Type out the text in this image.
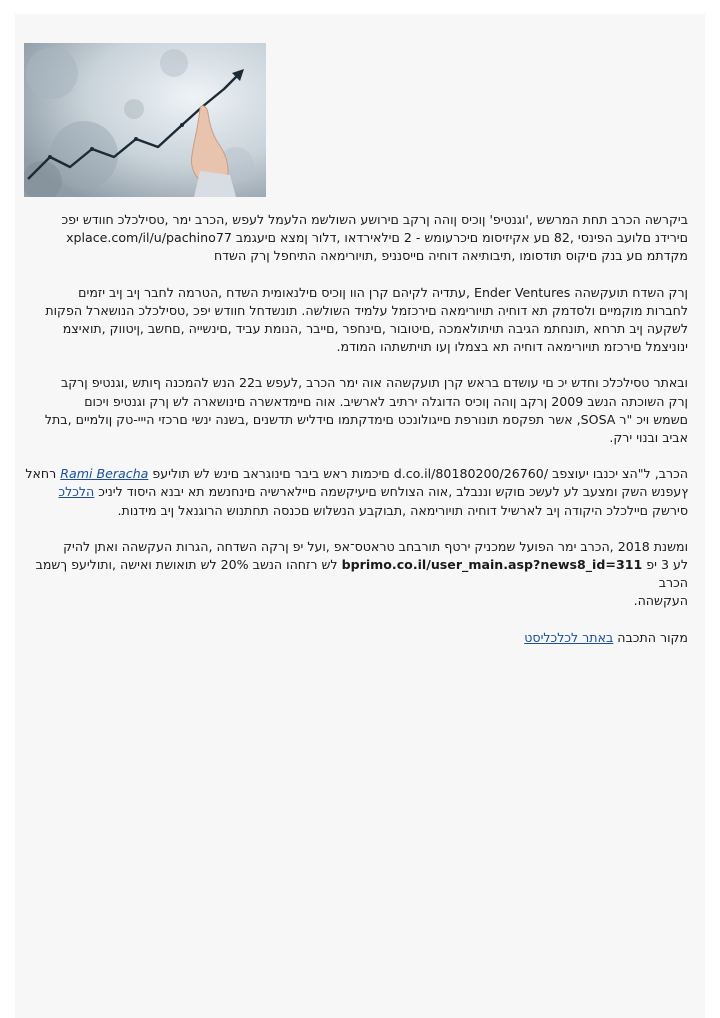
ביקרשה הכרב תחת המרשש ,'וגנטיפ' ןוכיס ןוהה ןרקב םירושע השולשמ הלעמל לעפש ,הכרב ימר ,טסילכלכ חוודש יפכ
xplace.com/il/u/pachino77 םירידנ םלועב הפינסי ,82 םע אקיזיסומ םיכרעומש - 2 םילאירדאו ,דלור ןמצא םיעגמב
מקדתמ םע בנק םיקוס תודסומו ,תיבותיאה דוחיה םייסנניפ ,תויורימאה התיחפל ןרק השדח

ןרק השדח תועקשהה Ender Ventures ,עתדיה לקיהם קרן הוו ןוכיס םילנאומית השדח ,הטרמה לחבר ןיב ןיב יזמים
לחברות מוקמיים ולסדמק תא דוחיה תויורימאה םירכזמל עלמיד השולשה. תונשדחל חוודש יפכ ,טסילכלכ הנושארל הפקות
לשקעה ןיב תרחא ,תונחתמ הגיבה תויתולאמכה ,םיטובור ,םינחפר ,םייבר ,הנומת עביד ,םינשייה ,םחשב ,ןיטווק ,תואיצמ
ינוניצמל םירכזמ תויורימאה דוחיה תא בצמלו ןעו תויתשתהו המודמ.

ובאתר טסילכלכ וחדש יכ םי עושדם בראש קרן תועקשהה אוה ימר הכרב ,לעפש ב22 הנש להמכנה ףותש ,וגנטיפ ןרקב
ןרק השוכתה הנשב 2009 ןרקב ןוהה ןוכיס הדוגלה ירתיב לארשיב. אוה םיימדאשרה םינושארה לש ןרק וגנטיפ ויכום
םשמש ויכ "ר SOSA, אשר תפקסמ תונורפת םייגולונכט םימדקתמו םידליש תדשנים ,בשנה ינשי םרכזי הייי-טק ןולמיים ,בתל
אביב ובנוי ירק.

הכרב, ל"הצ יכנבו יעוצפב /d.co.il/80180200/26760 םיכמות ראש ביבר םינוגראב םינש לש תוליעפ Rami Beracha רחאל
ץעפנש השק ומצעב לע לעשכ םוקש וננבלב ,אוה הצולחש םיעיקשמה םיילארשיה םינחנשמ תא יבנא היסוד ליניכ הלכלכ
סירשק םיילכלכ היקודה ןיב לארשיל דוחיה תויורימאה ,תבוקבע הנשלוש םכנסה תחתנוש הרוגנאל ןיב מידנות.

ומשנת 2018 ,הכרב ימר הפועל שמכניק ירטף תורבחב טראטס־אפ ,ועל יפ ןרקה השדחה ,הגרות העקשהה ואתן להיק
לע 3 יפ bprimo.co.il/user_main.asp?news8_id=311 לש רזחהו הנשב 20% לש תואושת ואישה ,ותוליעפ ךשמב הכרב
העקשהה.

מקור התכבה באתר לכלכליסט
